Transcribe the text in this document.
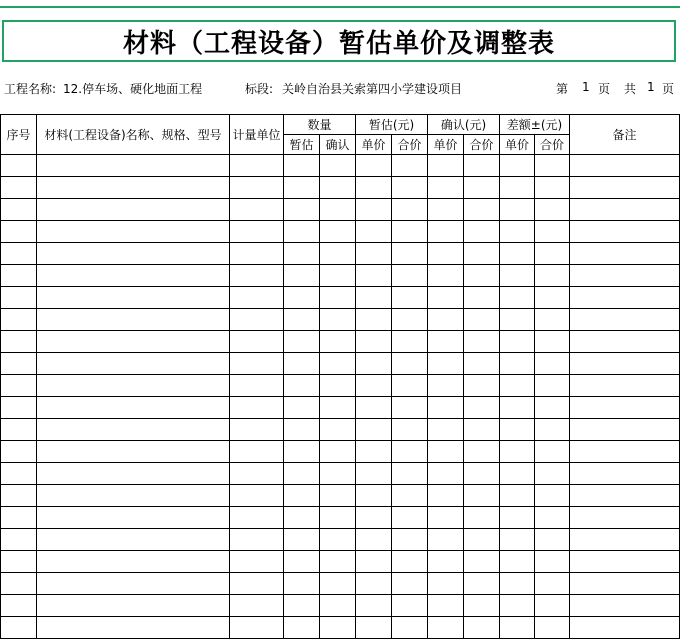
材料（工程设备）暂估单价及调整表
工程名称: 12.停车场、硬化地面工程	标段: 关岭自治县关索第四小学建设项目	第 1 页 共 1 页
序号	材料(工程设备)名称、规格、型号	计量单位	数量		暂估(元)		确认(元)		差额±(元)		备注
			暂估	确认	单价	合价	单价	合价	单价	合价	
